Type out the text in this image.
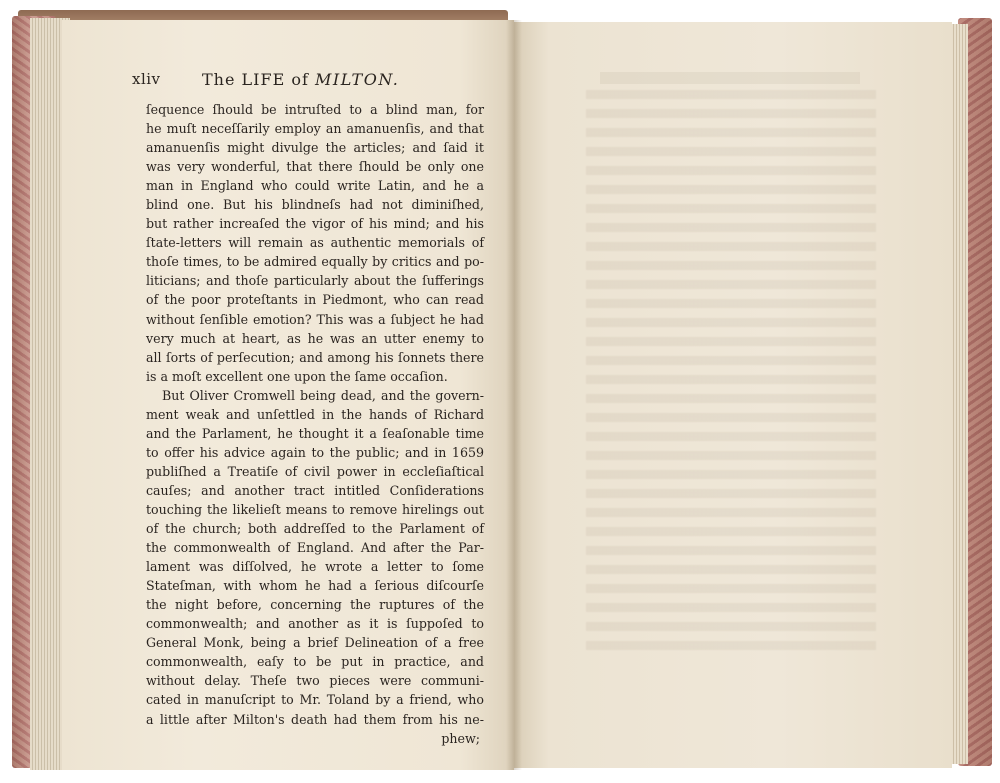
xliv	The LIFE of MILTON.
ſequence ſhould be intruſted to a blind man, for
he muſt neceſſarily employ an amanuenſis, and that
amanuenſis might divulge the articles; and ſaid it
was very wonderful, that there ſhould be only one
man in England who could write Latin, and he a
blind one. But his blindneſs had not diminiſhed,
but rather increaſed the vigor of his mind; and his
ſtate-letters will remain as authentic memorials of
thoſe times, to be admired equally by critics and po-
liticians; and thoſe particularly about the ſufferings
of the poor proteſtants in Piedmont, who can read
without ſenſible emotion? This was a ſubject he had
very much at heart, as he was an utter enemy to
all ſorts of perſecution; and among his ſonnets there
is a moſt excellent one upon the ſame occaſion.
But Oliver Cromwell being dead, and the govern-
ment weak and unſettled in the hands of Richard
and the Parlament, he thought it a ſeaſonable time
to offer his advice again to the public; and in 1659
publiſhed a Treatiſe of civil power in eccleſiaſtical
cauſes; and another tract intitled Conſiderations
touching the likelieſt means to remove hirelings out
of the church; both addreſſed to the Parlament of
the commonwealth of England. And after the Par-
lament was diſſolved, he wrote a letter to ſome
Stateſman, with whom he had a ſerious diſcourſe
the night before, concerning the ruptures of the
commonwealth; and another as it is ſuppoſed to
General Monk, being a brief Delineation of a free
commonwealth, eaſy to be put in practice, and
without delay. Theſe two pieces were communi-
cated in manuſcript to Mr. Toland by a friend, who
a little after Milton's death had them from his ne-
phew;
